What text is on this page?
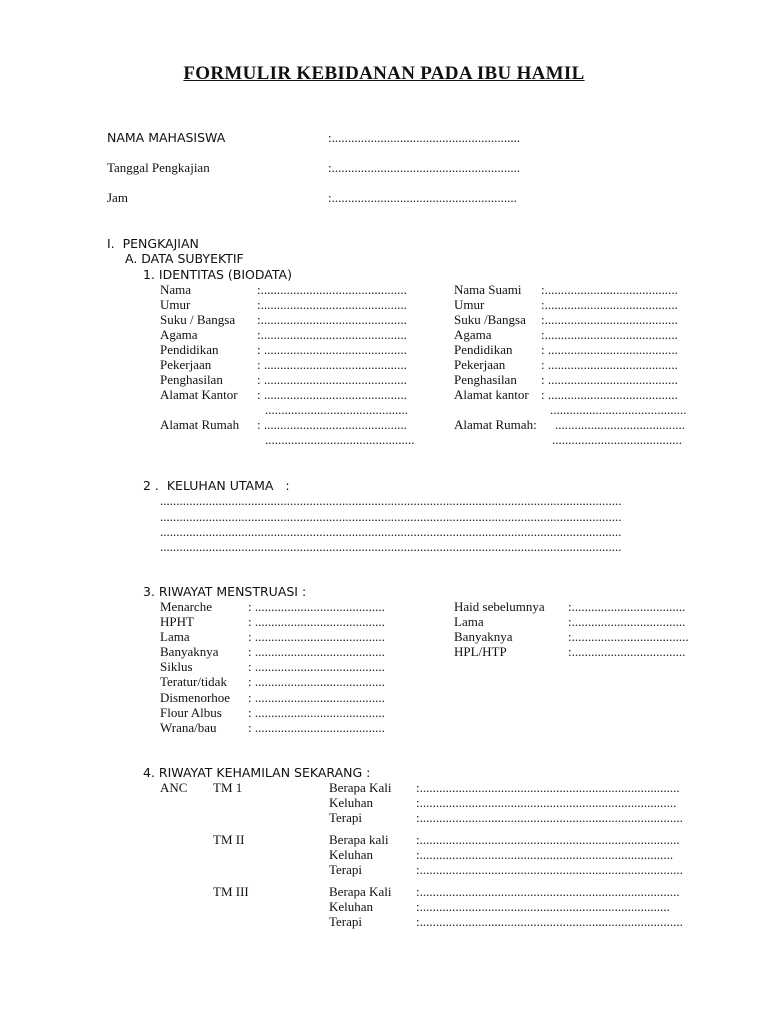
FORMULIR KEBIDANAN PADA IBU HAMIL
NAMA MAHASISWA	:..........................................................
Tanggal Pengkajian	:..........................................................
Jam	:.........................................................
I.  PENGKAJIAN
A. DATA SUBYEKTIF
1. IDENTITAS (BIODATA)
Nama	:.............................................
Umur	:.............................................
Suku / Bangsa :.............................................
Agama	:.............................................
Pendidikan	: ............................................
Pekerjaan	: ............................................
Penghasilan	: ............................................
Alamat Kantor : ............................................
............................................
Alamat Rumah : ............................................
..............................................
Nama Suami :.........................................
Umur	:.........................................
Suku /Bangsa :.........................................
Agama	:.........................................
Pendidikan : ........................................
Pekerjaan	: ........................................
Penghasilan : ........................................
Alamat kantor : ........................................
..........................................
Alamat Rumah: ........................................
........................................
2 .  KELUHAN UTAMA   :
..............................................................................................................................................
..............................................................................................................................................
..............................................................................................................................................
..............................................................................................................................................
3. RIWAYAT MENSTRUASI :
Menarche	: ........................................
HPHT	: ........................................
Lama	: ........................................
Banyaknya : ........................................
Siklus	: ........................................
Teratur/tidak : ........................................
Dismenorhoe : ........................................
Flour Albus : ........................................
Wrana/bau : ........................................
Haid sebelumnya :...................................
Lama	:...................................
Banyaknya	:....................................
HPL/HTP	:...................................
4. RIWAYAT KEHAMILAN SEKARANG :
ANC TM 1	Berapa Kali :................................................................................
Keluhan	:...............................................................................
Terapi	:.................................................................................
TM II	Berapa kali :................................................................................
Keluhan	:..............................................................................
Terapi	:.................................................................................
TM III	Berapa Kali :................................................................................
Keluhan	:.............................................................................
Terapi	:.................................................................................
